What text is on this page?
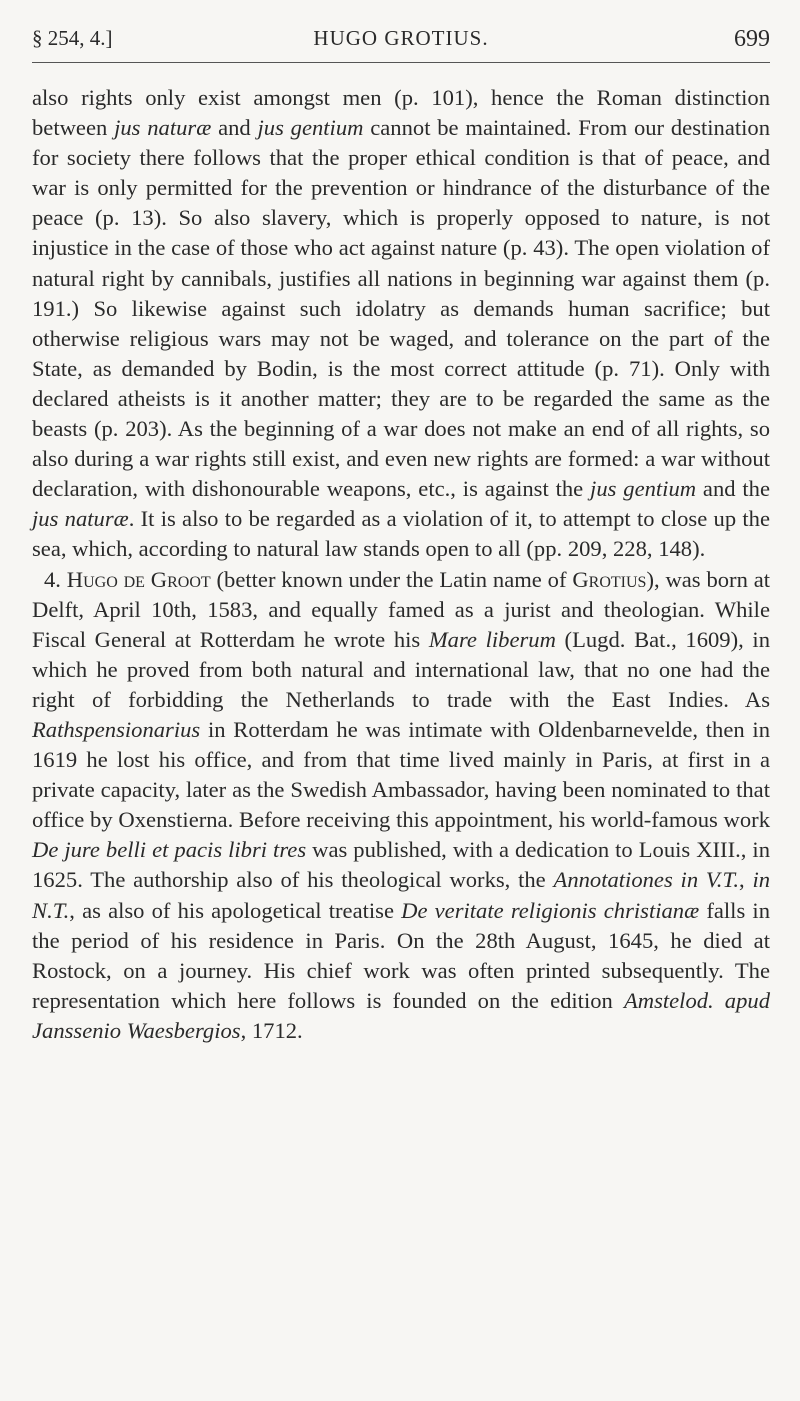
§ 254, 4.]	HUGO GROTIUS.	699

also rights only exist amongst men (p. 101), hence the Roman distinction between jus naturæ and jus gentium cannot be maintained. From our destination for society there follows that the proper ethical condition is that of peace, and war is only permitted for the prevention or hindrance of the disturbance of the peace (p. 13). So also slavery, which is properly opposed to nature, is not injustice in the case of those who act against nature (p. 43). The open violation of natural right by cannibals, justifies all nations in beginning war against them (p. 191.) So likewise against such idolatry as demands human sacrifice; but otherwise religious wars may not be waged, and tolerance on the part of the State, as demanded by Bodin, is the most correct attitude (p. 71). Only with declared atheists is it another matter; they are to be regarded the same as the beasts (p. 203). As the beginning of a war does not make an end of all rights, so also during a war rights still exist, and even new rights are formed: a war without declaration, with dishonourable weapons, etc., is against the jus gentium and the jus naturæ. It is also to be regarded as a violation of it, to attempt to close up the sea, which, according to natural law stands open to all (pp. 209, 228, 148).

4. Hugo de Groot (better known under the Latin name of Grotius), was born at Delft, April 10th, 1583, and equally famed as a jurist and theologian. While Fiscal General at Rotterdam he wrote his Mare liberum (Lugd. Bat., 1609), in which he proved from both natural and international law, that no one had the right of forbidding the Netherlands to trade with the East Indies. As Rathspensionarius in Rotterdam he was intimate with Oldenbarnevelde, then in 1619 he lost his office, and from that time lived mainly in Paris, at first in a private capacity, later as the Swedish Ambassador, having been nominated to that office by Oxenstierna. Before receiving this appointment, his world-famous work De jure belli et pacis libri tres was published, with a dedication to Louis XIII., in 1625. The authorship also of his theological works, the Annotationes in V.T., in N.T., as also of his apologetical treatise De veritate religionis christianæ falls in the period of his residence in Paris. On the 28th August, 1645, he died at Rostock, on a journey. His chief work was often printed subsequently. The representation which here follows is founded on the edition Amstelod. apud Janssenio Waesbergios, 1712.
